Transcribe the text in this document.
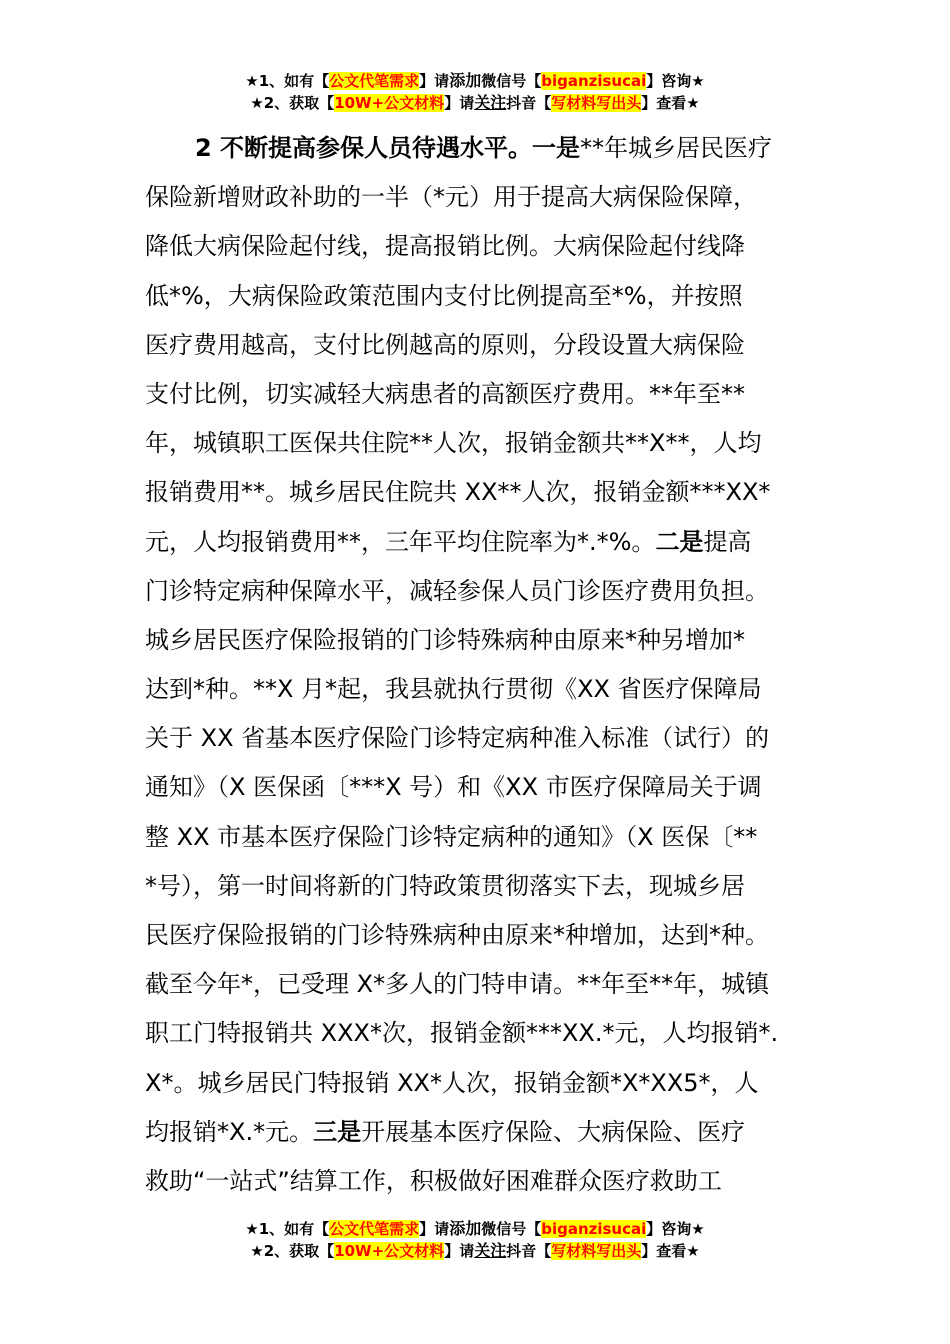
★1、如有【公文代笔需求】请添加微信号【biganzisucai】咨询★
★2、获取【10W+公文材料】请关注抖音【写材料写出头】查看★
2 不断提高参保人员待遇水平。一是**年城乡居民医疗
保险新增财政补助的一半（*元）用于提高大病保险保障，
降低大病保险起付线，提高报销比例。大病保险起付线降
低*%，大病保险政策范围内支付比例提高至*%，并按照
医疗费用越高，支付比例越高的原则，分段设置大病保险
支付比例，切实减轻大病患者的高额医疗费用。**年至**
年，城镇职工医保共住院**人次，报销金额共**X**，人均
报销费用**。城乡居民住院共 XX**人次，报销金额***XX*
元，人均报销费用**，三年平均住院率为*.*%。二是提高
门诊特定病种保障水平，减轻参保人员门诊医疗费用负担。
城乡居民医疗保险报销的门诊特殊病种由原来*种另增加*
达到*种。**X 月*起，我县就执行贯彻《XX 省医疗保障局
关于 XX 省基本医疗保险门诊特定病种准入标准（试行）的
通知》（X 医保函〔***X 号）和《XX 市医疗保障局关于调
整 XX 市基本医疗保险门诊特定病种的通知》（X 医保〔**
*号），第一时间将新的门特政策贯彻落实下去，现城乡居
民医疗保险报销的门诊特殊病种由原来*种增加，达到*种。
截至今年*，已受理 X*多人的门特申请。**年至**年，城镇
职工门特报销共 XXX*次，报销金额***XX.*元，人均报销*.
X*。城乡居民门特报销 XX*人次，报销金额*X*XX5*，人
均报销*X.*元。三是开展基本医疗保险、大病保险、医疗
救助“一站式”结算工作，积极做好困难群众医疗救助工
★1、如有【公文代笔需求】请添加微信号【biganzisucai】咨询★
★2、获取【10W+公文材料】请关注抖音【写材料写出头】查看★
